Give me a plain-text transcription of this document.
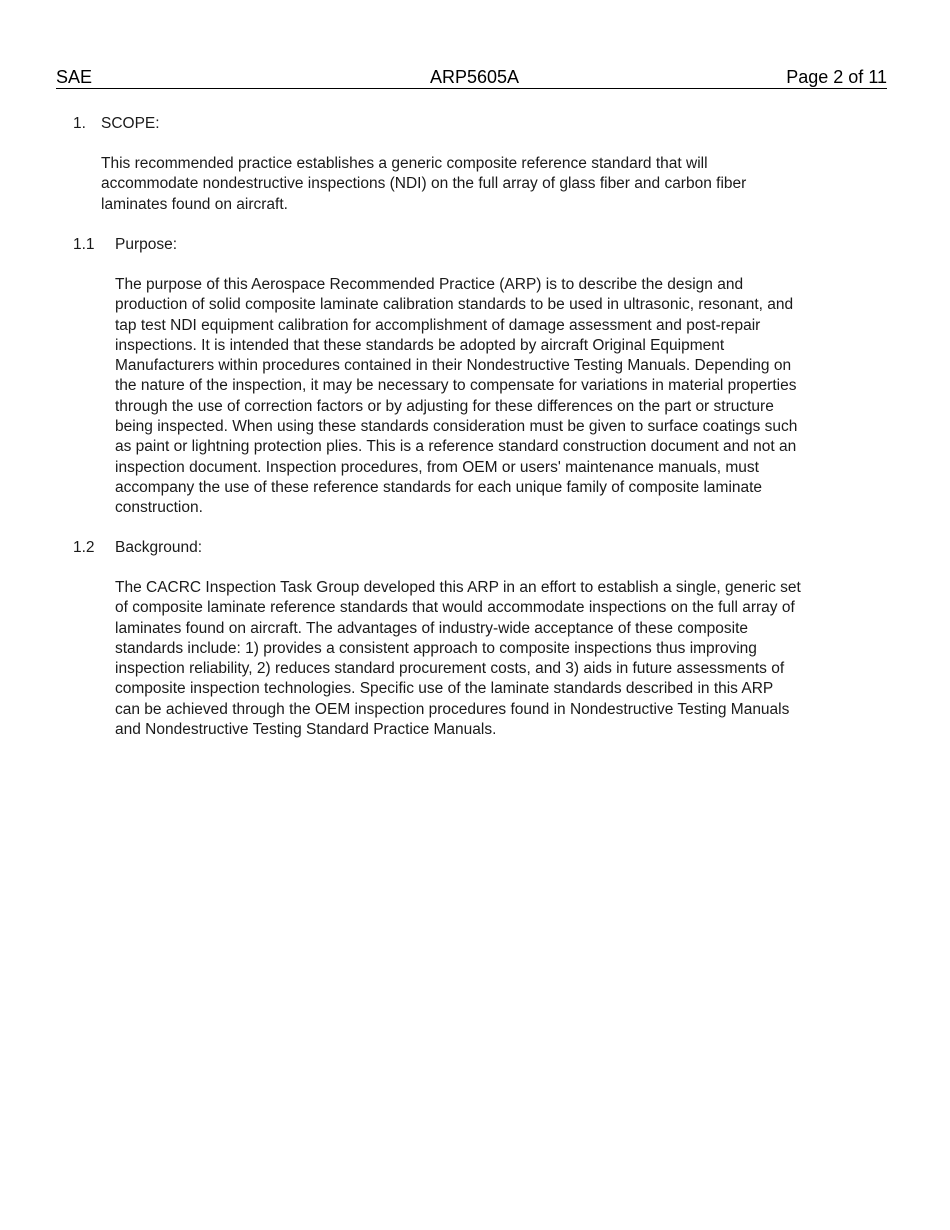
SAE	ARP5605A	Page 2 of 11
1. SCOPE:
This recommended practice establishes a generic composite reference standard that will
accommodate nondestructive inspections (NDI) on the full array of glass fiber and carbon fiber
laminates found on aircraft.
1.1 Purpose:
The purpose of this Aerospace Recommended Practice (ARP) is to describe the design and
production of solid composite laminate calibration standards to be used in ultrasonic, resonant, and
tap test NDI equipment calibration for accomplishment of damage assessment and post-repair
inspections. It is intended that these standards be adopted by aircraft Original Equipment
Manufacturers within procedures contained in their Nondestructive Testing Manuals. Depending on
the nature of the inspection, it may be necessary to compensate for variations in material properties
through the use of correction factors or by adjusting for these differences on the part or structure
being inspected. When using these standards consideration must be given to surface coatings such
as paint or lightning protection plies. This is a reference standard construction document and not an
inspection document. Inspection procedures, from OEM or users' maintenance manuals, must
accompany the use of these reference standards for each unique family of composite laminate
construction.
1.2 Background:
The CACRC Inspection Task Group developed this ARP in an effort to establish a single, generic set
of composite laminate reference standards that would accommodate inspections on the full array of
laminates found on aircraft. The advantages of industry-wide acceptance of these composite
standards include: 1) provides a consistent approach to composite inspections thus improving
inspection reliability, 2) reduces standard procurement costs, and 3) aids in future assessments of
composite inspection technologies. Specific use of the laminate standards described in this ARP
can be achieved through the OEM inspection procedures found in Nondestructive Testing Manuals
and Nondestructive Testing Standard Practice Manuals.
